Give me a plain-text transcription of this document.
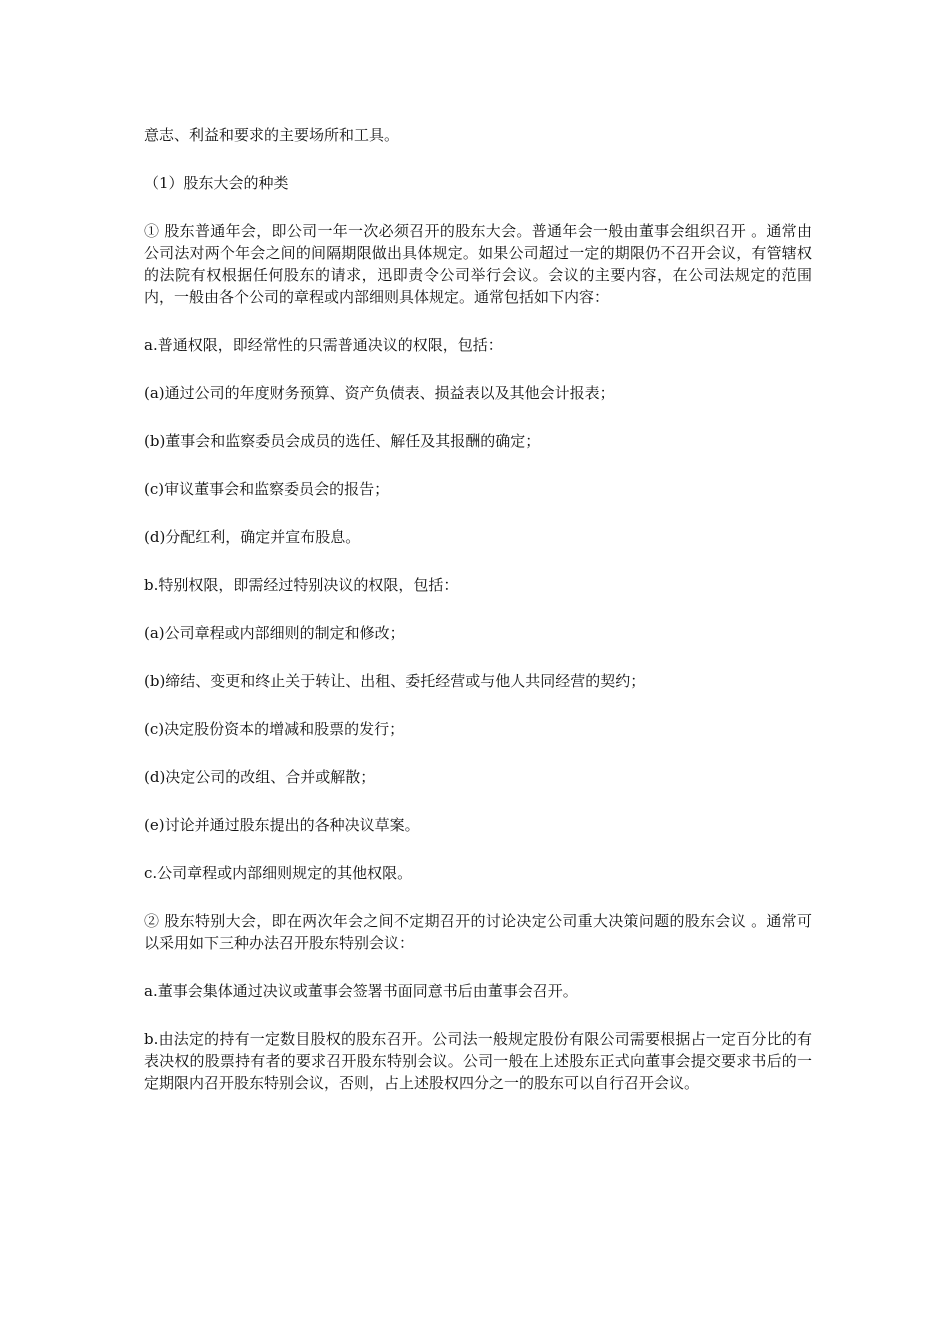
意志、利益和要求的主要场所和工具。

（1）股东大会的种类

① 股东普通年会，即公司一年一次必须召开的股东大会。普通年会一般由董事会组织召开 。通常由公司法对两个年会之间的间隔期限做出具体规定。如果公司超过一定的期限仍不召开会议，有管辖权的法院有权根据任何股东的请求，迅即责令公司举行会议。会议的主要内容，在公司法规定的范围内，一般由各个公司的章程或内部细则具体规定。通常包括如下内容：

a.普通权限，即经常性的只需普通决议的权限，包括：

(a)通过公司的年度财务预算、资产负债表、损益表以及其他会计报表；

(b)董事会和监察委员会成员的选任、解任及其报酬的确定；

(c)审议董事会和监察委员会的报告；

(d)分配红利，确定并宣布股息。

b.特别权限，即需经过特别决议的权限，包括：

(a)公司章程或内部细则的制定和修改；

(b)缔结、变更和终止关于转让、出租、委托经营或与他人共同经营的契约；

(c)决定股份资本的增减和股票的发行；

(d)决定公司的改组、合并或解散；

(e)讨论并通过股东提出的各种决议草案。

c.公司章程或内部细则规定的其他权限。

② 股东特别大会，即在两次年会之间不定期召开的讨论决定公司重大决策问题的股东会议 。通常可以采用如下三种办法召开股东特别会议：

a.董事会集体通过决议或董事会签署书面同意书后由董事会召开。

b.由法定的持有一定数目股权的股东召开。公司法一般规定股份有限公司需要根据占一定百分比的有表决权的股票持有者的要求召开股东特别会议。公司一般在上述股东正式向董事会提交要求书后的一定期限内召开股东特别会议，否则，占上述股权四分之一的股东可以自行召开会议。
